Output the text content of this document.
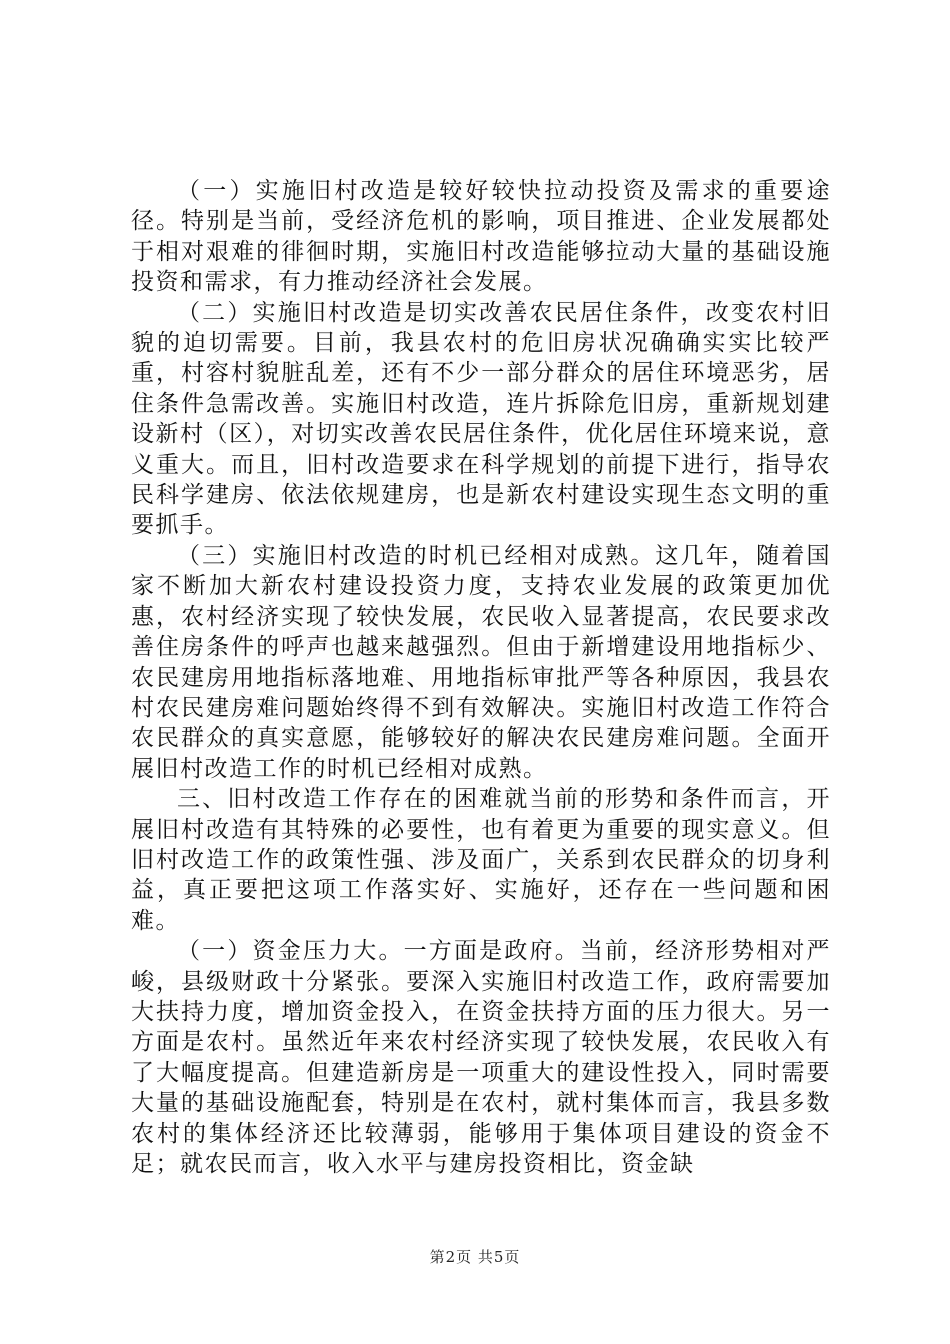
（一）实施旧村改造是较好较快拉动投资及需求的重要途径。特别是当前，受经济危机的影响，项目推进、企业发展都处于相对艰难的徘徊时期，实施旧村改造能够拉动大量的基础设施投资和需求，有力推动经济社会发展。

（二）实施旧村改造是切实改善农民居住条件，改变农村旧貌的迫切需要。目前，我县农村的危旧房状况确确实实比较严重，村容村貌脏乱差，还有不少一部分群众的居住环境恶劣，居住条件急需改善。实施旧村改造，连片拆除危旧房，重新规划建设新村（区），对切实改善农民居住条件，优化居住环境来说，意义重大。而且，旧村改造要求在科学规划的前提下进行，指导农民科学建房、依法依规建房，也是新农村建设实现生态文明的重要抓手。

（三）实施旧村改造的时机已经相对成熟。这几年，随着国家不断加大新农村建设投资力度，支持农业发展的政策更加优惠，农村经济实现了较快发展，农民收入显著提高，农民要求改善住房条件的呼声也越来越强烈。但由于新增建设用地指标少、农民建房用地指标落地难、用地指标审批严等各种原因，我县农村农民建房难问题始终得不到有效解决。实施旧村改造工作符合农民群众的真实意愿，能够较好的解决农民建房难问题。全面开展旧村改造工作的时机已经相对成熟。

三、旧村改造工作存在的困难就当前的形势和条件而言，开展旧村改造有其特殊的必要性，也有着更为重要的现实意义。但旧村改造工作的政策性强、涉及面广，关系到农民群众的切身利益，真正要把这项工作落实好、实施好，还存在一些问题和困难。

（一）资金压力大。一方面是政府。当前，经济形势相对严峻，县级财政十分紧张。要深入实施旧村改造工作，政府需要加大扶持力度，增加资金投入，在资金扶持方面的压力很大。另一方面是农村。虽然近年来农村经济实现了较快发展，农民收入有了大幅度提高。但建造新房是一项重大的建设性投入，同时需要大量的基础设施配套，特别是在农村，就村集体而言，我县多数农村的集体经济还比较薄弱，能够用于集体项目建设的资金不足；就农民而言，收入水平与建房投资相比，资金缺

第2页 共5页
